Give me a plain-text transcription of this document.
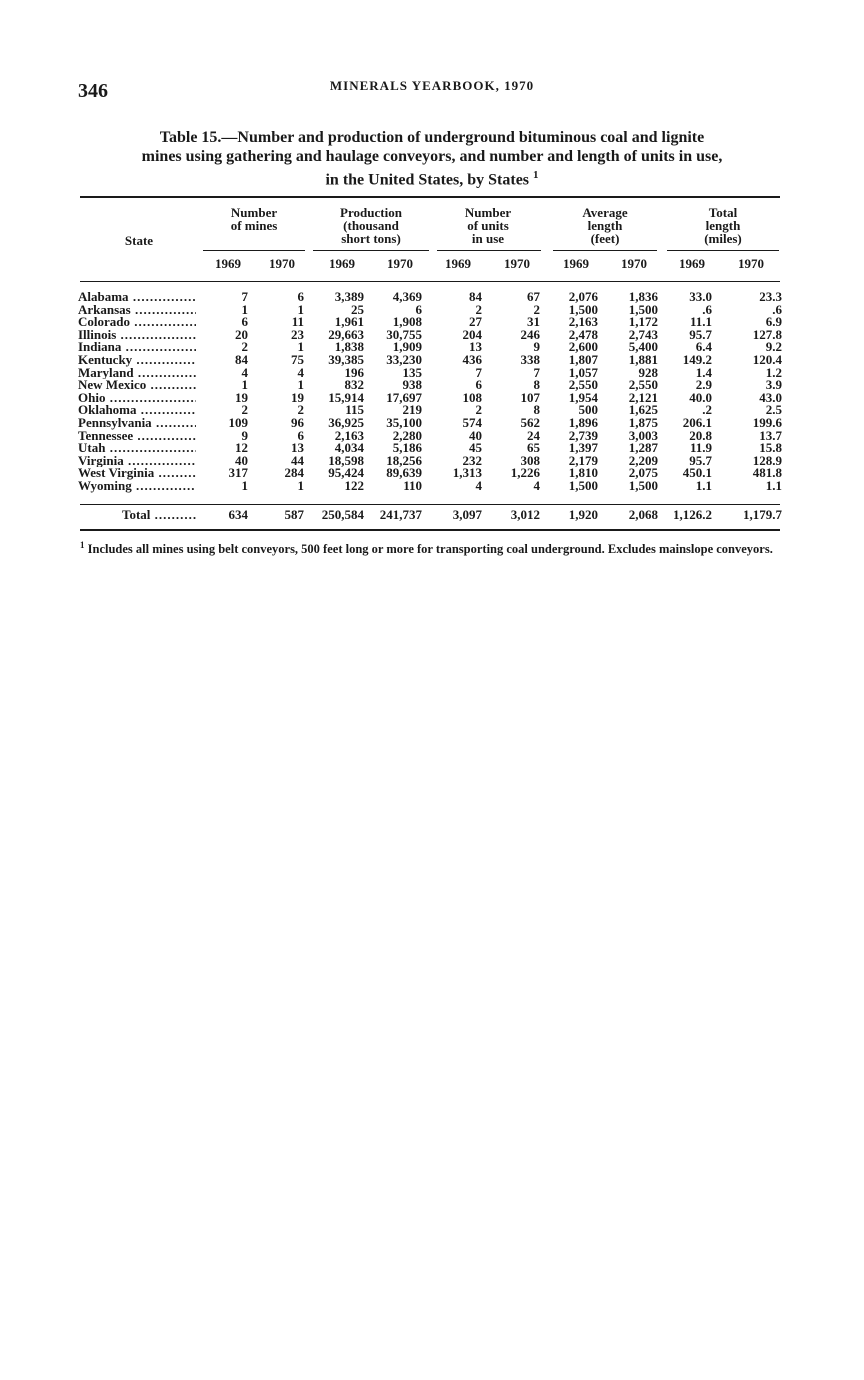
346	MINERALS YEARBOOK, 1970
Table 15.—Number and production of underground bituminous coal and lignite
mines using gathering and haulage conveyors, and number and length of units in use,
in the United States, by States $^1$
State
Number
of mines
Production
(thousand
short tons)
Number
of units
in use
Average
length
(feet)
Total
length
(miles)
1969	1970	1969	1970	1969	1970	1969	1970	1969	1970
Alabama .....	7	6	3,389	4,369	84	67	2,076	1,836	33.0	23.3
Arkansas .....	1	1	25	6	2	2	1,500	1,500	.6	.6
Colorado .....	6	11	1,961	1,908	27	31	2,163	1,172	11.1	6.9
Illinois .....	20	23	29,663	30,755	204	246	2,478	2,743	95.7	127.8
Indiana .....	2	1	1,838	1,909	13	9	2,600	5,400	6.4	9.2
Kentucky .....	84	75	39,385	33,230	436	338	1,807	1,881	149.2	120.4
Maryland .....	4	4	196	135	7	7	1,057	928	1.4	1.2
New Mexico .....	1	1	832	938	6	8	2,550	2,550	2.9	3.9
Ohio .....	19	19	15,914	17,697	108	107	1,954	2,121	40.0	43.0
Oklahoma .....	2	2	115	219	2	8	500	1,625	.2	2.5
Pennsylvania .....	109	96	36,925	35,100	574	562	1,896	1,875	206.1	199.6
Tennessee .....	9	6	2,163	2,280	40	24	2,739	3,003	20.8	13.7
Utah .....	12	13	4,034	5,186	45	65	1,397	1,287	11.9	15.8
Virginia .....	40	44	18,598	18,256	232	308	2,179	2,209	95.7	128.9
West Virginia .....	317	284	95,424	89,639	1,313	1,226	1,810	2,075	450.1	481.8
Wyoming .....	1	1	122	110	4	4	1,500	1,500	1.1	1.1
Total .....	634	587	250,584	241,737	3,097	3,012	1,920	2,068	1,126.2	1,179.7
$^1$ Includes all mines using belt conveyors, 500 feet long or more for transporting coal underground. Excludes mainslope conveyors.
